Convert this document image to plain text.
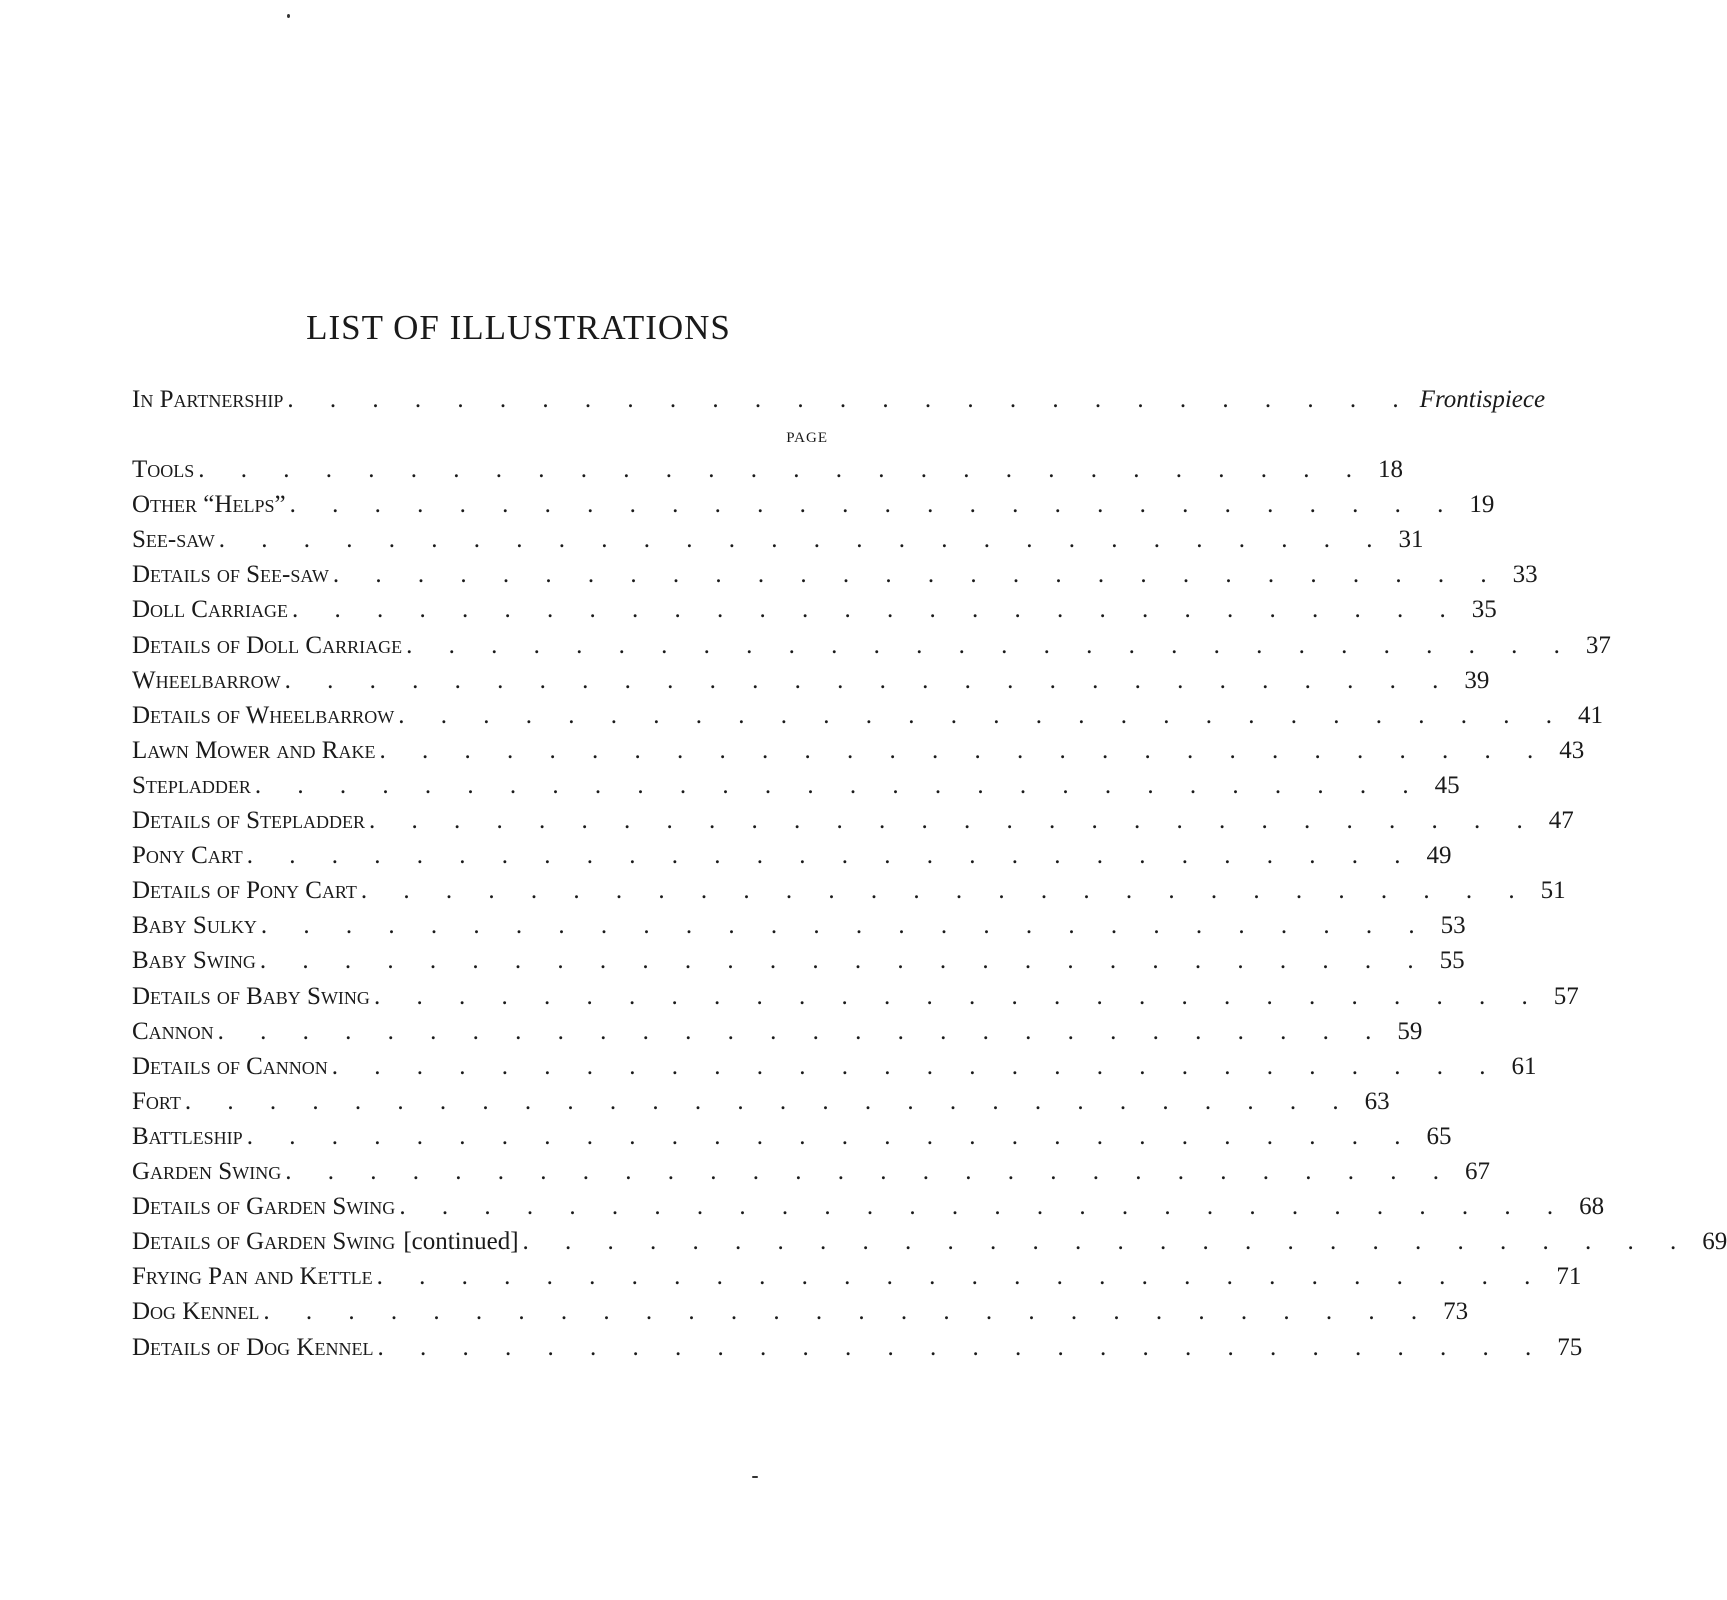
LIST OF ILLUSTRATIONS
In Partnership . . . . . . . . . . . . . . . . . . . . . . . . . . . Frontispiece
PAGE
Tools . . . . . . . . . . . . . . . . . . . . . . . . . . . . 18
Other “Helps” . . . . . . . . . . . . . . . . . . . . . . . . . . . . 19
See-saw . . . . . . . . . . . . . . . . . . . . . . . . . . . . 31
Details of See-saw . . . . . . . . . . . . . . . . . . . . . . . . . . . . 33
Doll Carriage . . . . . . . . . . . . . . . . . . . . . . . . . . . . 35
Details of Doll Carriage . . . . . . . . . . . . . . . . . . . . . . . . . . . . 37
Wheelbarrow . . . . . . . . . . . . . . . . . . . . . . . . . . . . 39
Details of Wheelbarrow . . . . . . . . . . . . . . . . . . . . . . . . . . . . 41
Lawn Mower and Rake . . . . . . . . . . . . . . . . . . . . . . . . . . . . 43
Stepladder . . . . . . . . . . . . . . . . . . . . . . . . . . . . 45
Details of Stepladder . . . . . . . . . . . . . . . . . . . . . . . . . . . . 47
Pony Cart . . . . . . . . . . . . . . . . . . . . . . . . . . . . 49
Details of Pony Cart . . . . . . . . . . . . . . . . . . . . . . . . . . . . 51
Baby Sulky . . . . . . . . . . . . . . . . . . . . . . . . . . . . 53
Baby Swing . . . . . . . . . . . . . . . . . . . . . . . . . . . . 55
Details of Baby Swing . . . . . . . . . . . . . . . . . . . . . . . . . . . . 57
Cannon . . . . . . . . . . . . . . . . . . . . . . . . . . . . 59
Details of Cannon . . . . . . . . . . . . . . . . . . . . . . . . . . . . 61
Fort . . . . . . . . . . . . . . . . . . . . . . . . . . . . 63
Battleship . . . . . . . . . . . . . . . . . . . . . . . . . . . . 65
Garden Swing . . . . . . . . . . . . . . . . . . . . . . . . . . . . 67
Details of Garden Swing . . . . . . . . . . . . . . . . . . . . . . . . . . . . 68
Details of Garden Swing [continued] . . . . . . . . . . . . . . . . . . . . . . . . . . . . 69
Frying Pan and Kettle . . . . . . . . . . . . . . . . . . . . . . . . . . . . 71
Dog Kennel . . . . . . . . . . . . . . . . . . . . . . . . . . . . 73
Details of Dog Kennel . . . . . . . . . . . . . . . . . . . . . . . . . . . . 75
